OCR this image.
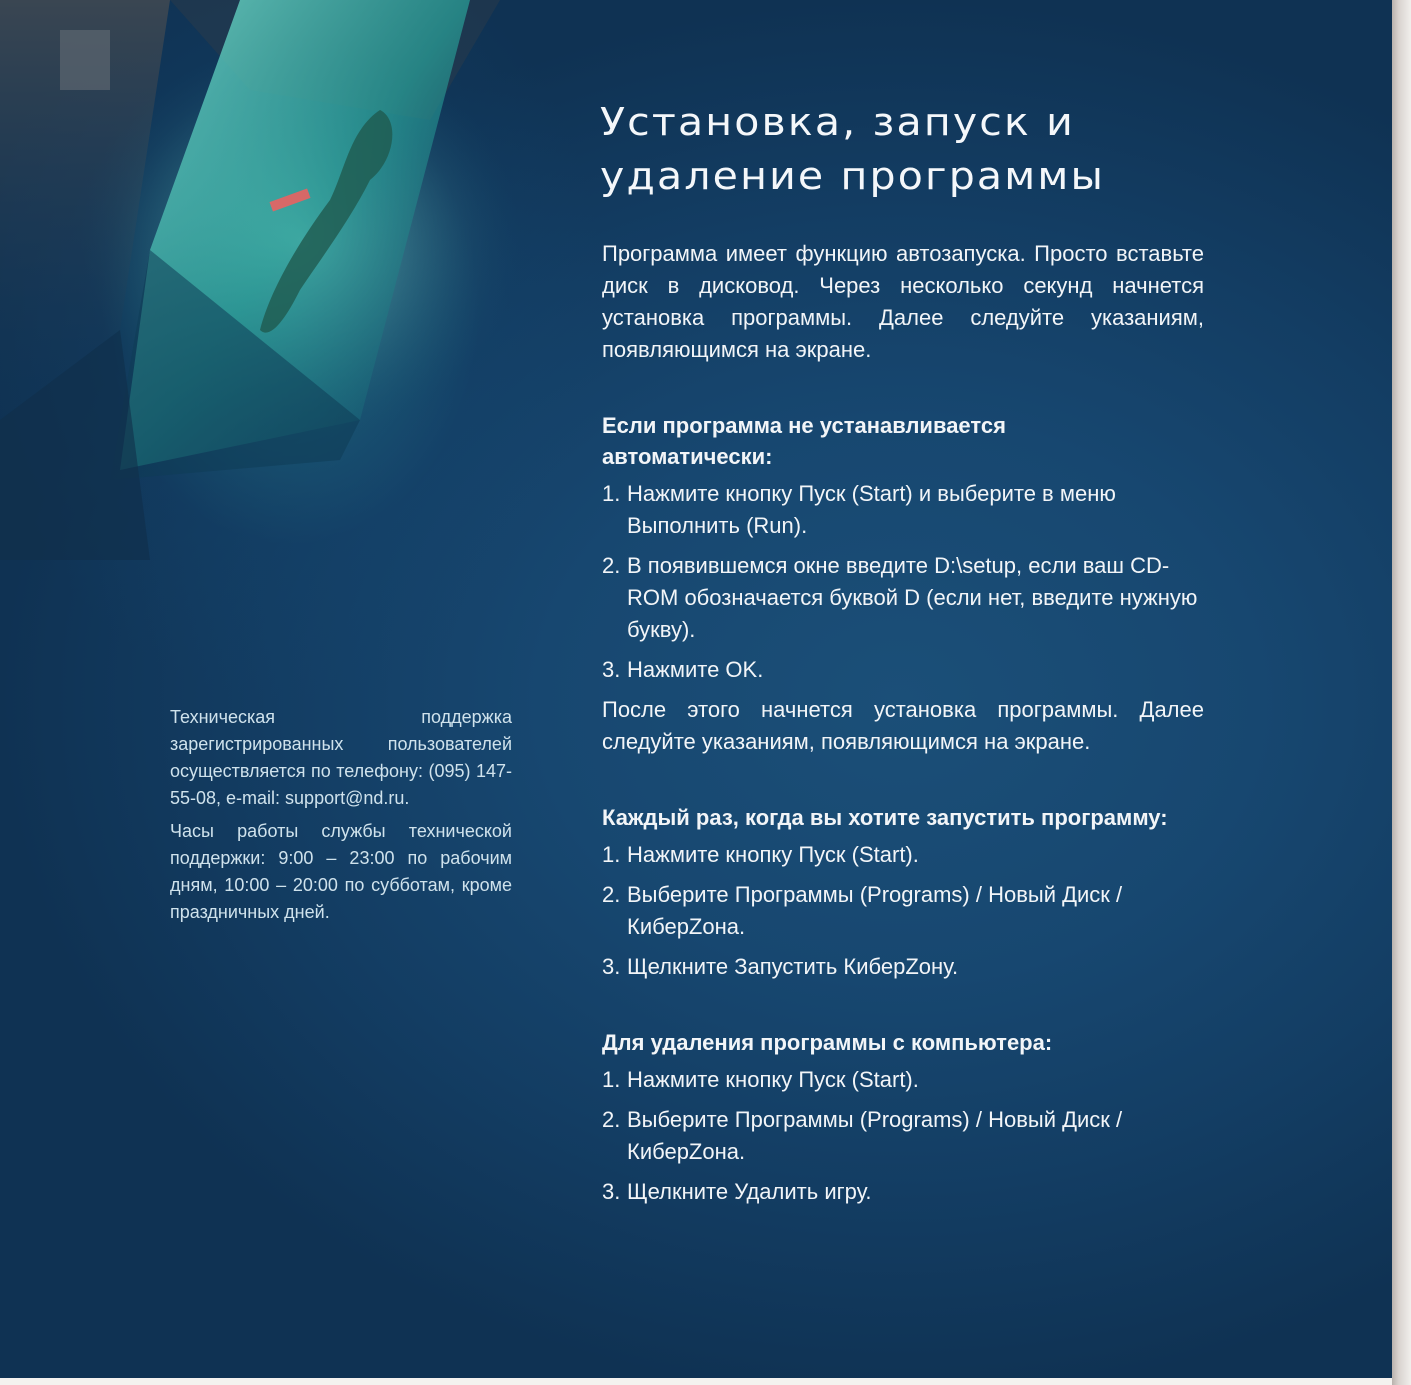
Установка, запуск и
удаление программы

Программа имеет функцию автозапуска. Просто вставьте диск в дисковод. Через несколько секунд начнется установка программы. Далее следуйте указаниям, появляющимся на экране.

Если программа не устанавливается
автоматически:

1. Нажмите кнопку Пуск (Start) и выберите в меню Выполнить (Run).
2. В появившемся окне введите D:\setup, если ваш CD-ROM обозначается буквой D (если нет, введите нужную букву).
3. Нажмите OK.

После этого начнется установка программы. Далее следуйте указаниям, появляющимся на экране.

Каждый раз, когда вы хотите запустить программу:

1. Нажмите кнопку Пуск (Start).
2. Выберите Программы (Programs) / Новый Диск / КиберZона.
3. Щелкните Запустить КиберZону.

Для удаления программы с компьютера:

1. Нажмите кнопку Пуск (Start).
2. Выберите Программы (Programs) / Новый Диск / КиберZона.
3. Щелкните Удалить игру.

Техническая поддержка зарегистрированных пользователей осуществляется по телефону: (095) 147-55-08, e-mail: support@nd.ru.

Часы работы службы технической поддержки: 9:00 – 23:00 по рабочим дням, 10:00 – 20:00 по субботам, кроме праздничных дней.
